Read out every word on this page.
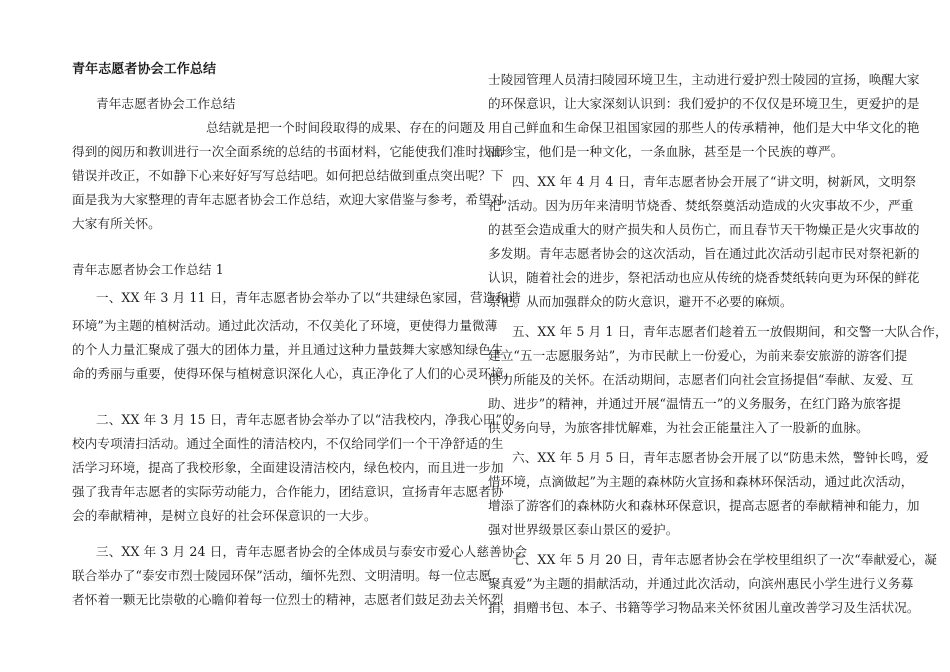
青年志愿者协会工作总结
青年志愿者协会工作总结
总结就是把一个时间段取得的成果、存在的问题及
得到的阅历和教训进行一次全面系统的总结的书面材料，它能使我们准时找出
错误并改正，不如静下心来好好写写总结吧。如何把总结做到重点突出呢？下
面是我为大家整理的青年志愿者协会工作总结，欢迎大家借鉴与参考，希望对
大家有所关怀。
青年志愿者协会工作总结 1
一、XX 年 3 月 11 日，青年志愿者协会举办了以“共建绿色家园，营造和谐
环境”为主题的植树活动。通过此次活动，不仅美化了环境，更使得力量微薄
的个人力量汇聚成了强大的团体力量，并且通过这种力量鼓舞大家感知绿色生
命的秀丽与重要，使得环保与植树意识深化人心，真正净化了人们的心灵环境。
二、XX 年 3 月 15 日，青年志愿者协会举办了以“洁我校内，净我心田”的
校内专项清扫活动。通过全面性的清洁校内，不仅给同学们一个干净舒适的生
活学习环境，提高了我校形象，全面建设清洁校内，绿色校内，而且进一步加
强了我青年志愿者的实际劳动能力，合作能力，团结意识，宣扬青年志愿者协
会的奉献精神，是树立良好的社会环保意识的一大步。
三、XX 年 3 月 24 日，青年志愿者协会的全体成员与泰安市爱心人慈善协会
联合举办了“泰安市烈士陵园环保”活动，缅怀先烈、文明清明。每一位志愿
者怀着一颗无比崇敬的心瞻仰着每一位烈士的精神，志愿者们鼓足劲去关怀烈
士陵园管理人员清扫陵园环境卫生，主动进行爱护烈士陵园的宣扬，唤醒大家
的环保意识，让大家深刻认识到：我们爱护的不仅仅是环境卫生，更爱护的是
用自己鲜血和生命保卫祖国家园的那些人的传承精神，他们是大中华文化的艳
丽珍宝，他们是一种文化，一条血脉，甚至是一个民族的尊严。
四、XX 年 4 月 4 日，青年志愿者协会开展了“讲文明，树新风，文明祭
祀”活动。因为历年来清明节烧香、焚纸祭奠活动造成的火灾事故不少，严重
的甚至会造成重大的财产损失和人员伤亡，而且春节天干物燥正是火灾事故的
多发期。青年志愿者协会的这次活动，旨在通过此次活动引起市民对祭祀新的
认识，随着社会的进步，祭祀活动也应从传统的烧香焚纸转向更为环保的鲜花
祭祀。从而加强群众的防火意识，避开不必要的麻烦。
五、XX 年 5 月 1 日，青年志愿者们趁着五一放假期间，和交警一大队合作，
建立“五一志愿服务站”，为市民献上一份爱心，为前来泰安旅游的游客们提
供力所能及的关怀。在活动期间，志愿者们向社会宣扬提倡“奉献、友爱、互
助、进步”的精神，并通过开展“温情五一”的义务服务，在红门路为旅客提
供义务向导，为旅客排忧解难，为社会正能量注入了一股新的血脉。
六、XX 年 5 月 5 日，青年志愿者协会开展了以“防患未然，警钟长鸣，爱
惜环境，点滴做起”为主题的森林防火宣扬和森林环保活动，通过此次活动，
增添了游客们的森林防火和森林环保意识，提高志愿者的奉献精神和能力，加
强对世界级景区泰山景区的爱护。
七、XX 年 5 月 20 日，青年志愿者协会在学校里组织了一次“奉献爱心，凝
聚真爱”为主题的捐献活动，并通过此次活动，向滨州惠民小学生进行义务募
捐，捐赠书包、本子、书籍等学习物品来关怀贫困儿童改善学习及生活状况。
